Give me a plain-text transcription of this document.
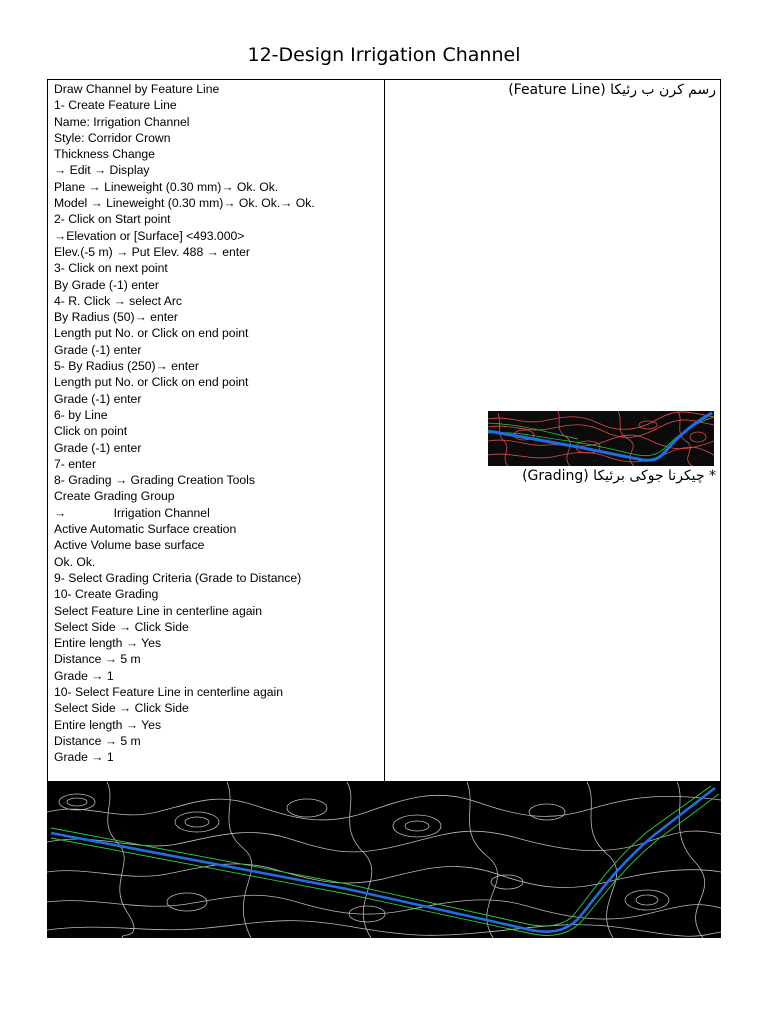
12-Design Irrigation Channel
Draw Channel by Feature Line
1- Create Feature Line
Name: Irrigation Channel
Style: Corridor Crown
Thickness Change
→ Edit → Display
Plane → Lineweight (0.30 mm)→ Ok. Ok.
Model → Lineweight (0.30 mm)→ Ok. Ok.→ Ok.
2- Click on Start point
→Elevation or [Surface] <493.000>
Elev.(-5 m) → Put Elev. 488 → enter
3- Click on next point
By Grade (-1) enter
4- R. Click → select Arc
By Radius (50)→ enter
Length put No. or Click on end point
Grade (-1) enter
5- By Radius (250)→ enter
Length put No. or Click on end point
Grade (-1) enter
6- by Line
Click on point
Grade (-1) enter
7- enter
8- Grading → Grading Creation Tools
Create Grading Group
→              Irrigation Channel
Active Automatic Surface creation
Active Volume base surface
Ok. Ok.
9- Select Grading Criteria (Grade to Distance)
10- Create Grading
Select Feature Line in centerline again
Select Side → Click Side
Entire length → Yes
Distance → 5 m
Grade → 1
10- Select Feature Line in centerline again
Select Side → Click Side
Entire length → Yes
Distance → 5 m
Grade → 1
رسم کرن ب رئیکا (Feature Line)
* چیکرنا جوکی برئیکا (Grading)
